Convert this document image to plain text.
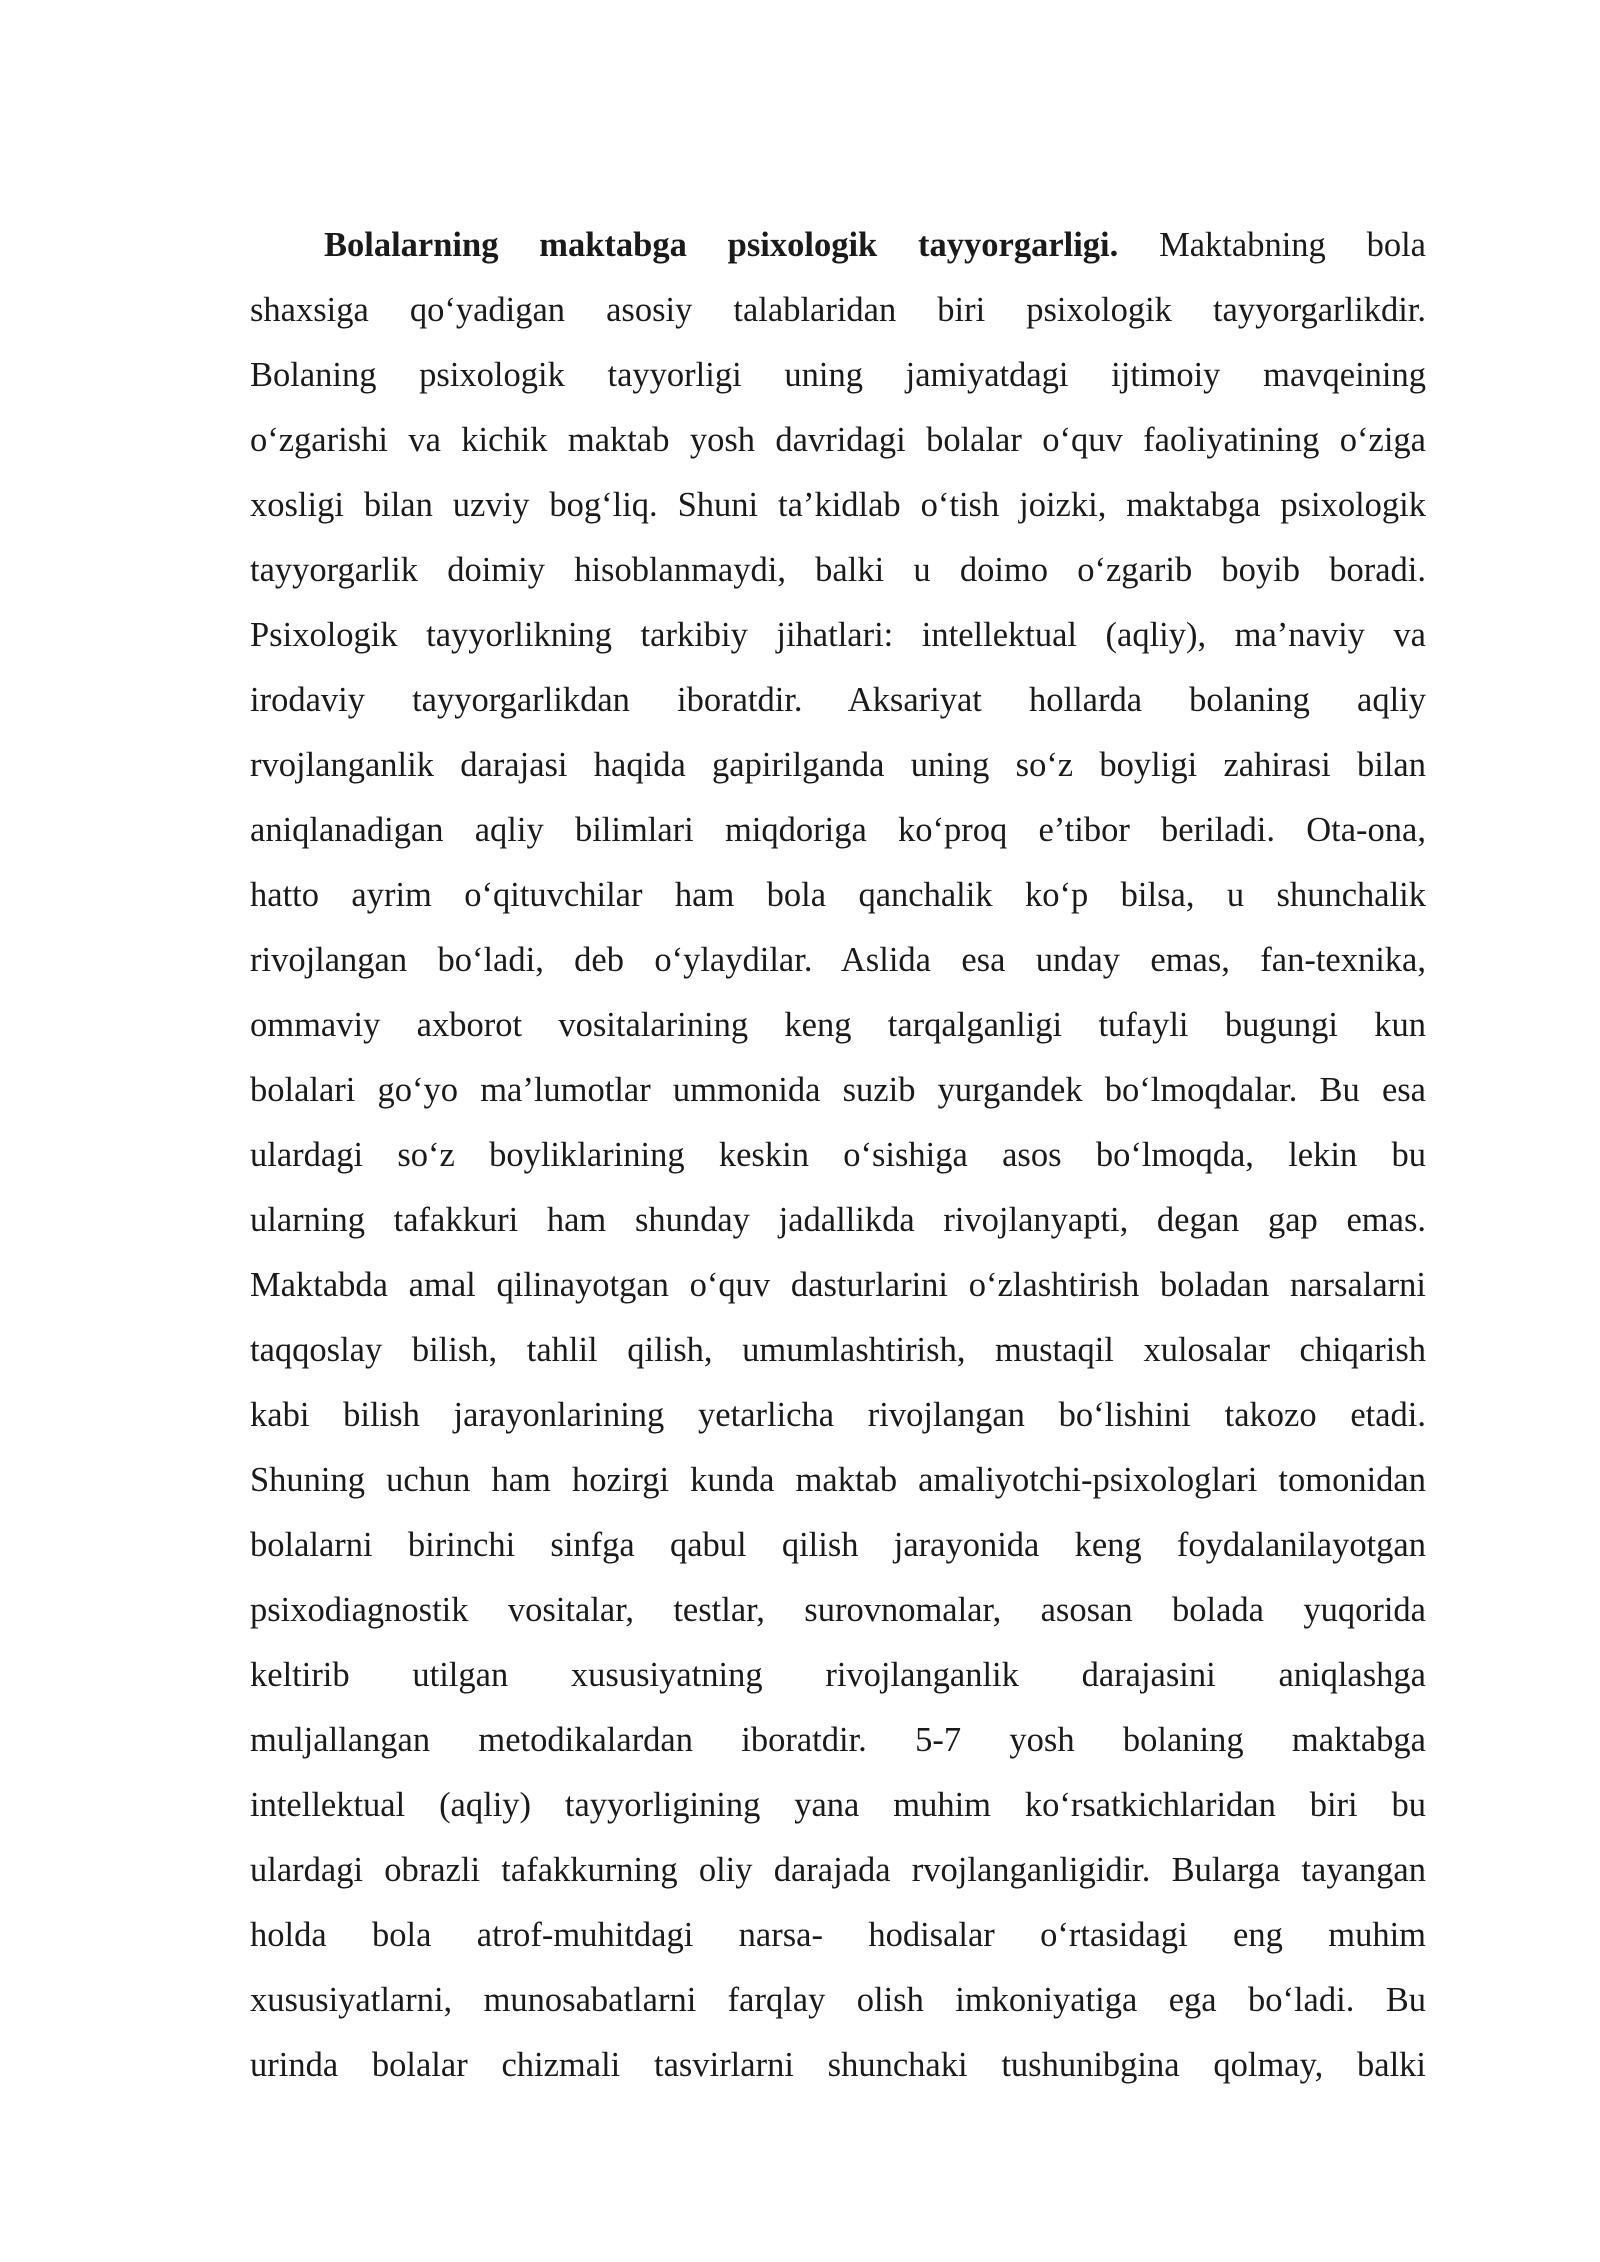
Bolalarning maktabga psixologik tayyorgarligi. Maktabning bola
shaxsiga qo‘yadigan asosiy talablaridan biri psixologik tayyorgarlikdir.
Bolaning psixologik tayyorligi uning jamiyatdagi ijtimoiy mavqeining
o‘zgarishi va kichik maktab yosh davridagi bolalar o‘quv faoliyatining o‘ziga
xosligi bilan uzviy bog‘liq. Shuni ta’kidlab o‘tish joizki, maktabga psixologik
tayyorgarlik doimiy hisoblanmaydi, balki u doimo o‘zgarib boyib boradi.
Psixologik tayyorlikning tarkibiy jihatlari: intellektual (aqliy), ma’naviy va
irodaviy tayyorgarlikdan iboratdir. Aksariyat hollarda bolaning aqliy
rvojlanganlik darajasi haqida gapirilganda uning so‘z boyligi zahirasi bilan
aniqlanadigan aqliy bilimlari miqdoriga ko‘proq e’tibor beriladi. Ota-ona,
hatto ayrim o‘qituvchilar ham bola qanchalik ko‘p bilsa, u shunchalik
rivojlangan bo‘ladi, deb o‘ylaydilar. Aslida esa unday emas, fan-texnika,
ommaviy axborot vositalarining keng tarqalganligi tufayli bugungi kun
bolalari go‘yo ma’lumotlar ummonida suzib yurgandek bo‘lmoqdalar. Bu esa
ulardagi so‘z boyliklarining keskin o‘sishiga asos bo‘lmoqda, lekin bu
ularning tafakkuri ham shunday jadallikda rivojlanyapti, degan gap emas.
Maktabda amal qilinayotgan o‘quv dasturlarini o‘zlashtirish boladan narsalarni
taqqoslay bilish, tahlil qilish, umumlashtirish, mustaqil xulosalar chiqarish
kabi bilish jarayonlarining yetarlicha rivojlangan bo‘lishini takozo etadi.
Shuning uchun ham hozirgi kunda maktab amaliyotchi-psixologlari tomonidan
bolalarni birinchi sinfga qabul qilish jarayonida keng foydalanilayotgan
psixodiagnostik vositalar, testlar, surovnomalar, asosan bolada yuqorida
keltirib utilgan xususiyatning rivojlanganlik darajasini aniqlashga
muljallangan metodikalardan iboratdir. 5-7 yosh bolaning maktabga
intellektual (aqliy) tayyorligining yana muhim ko‘rsatkichlaridan biri bu
ulardagi obrazli tafakkurning oliy darajada rvojlanganligidir. Bularga tayangan
holda bola atrof-muhitdagi narsa- hodisalar o‘rtasidagi eng muhim
xususiyatlarni, munosabatlarni farqlay olish imkoniyatiga ega bo‘ladi. Bu
urinda bolalar chizmali tasvirlarni shunchaki tushunibgina qolmay, balki
